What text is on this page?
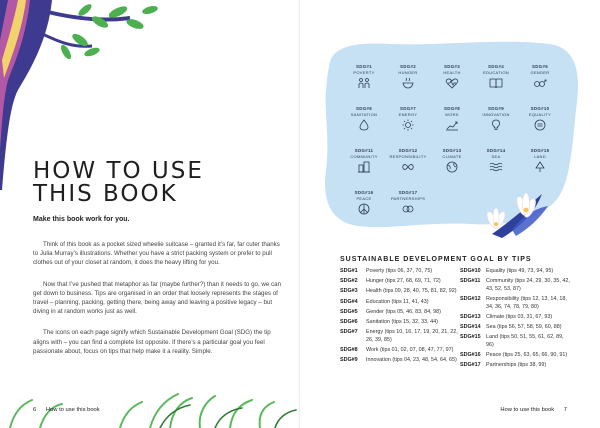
HOW TO USE
THIS BOOK
Make this book work for you.

Think of this book as a pocket sized wheelie suitcase – granted it’s far, far cuter thanks to Julia Murray’s illustrations. Whether you have a strict packing system or prefer to pull clothes out of your closet at random, it does the heavy lifting for you.

Now that I’ve pushed that metaphor as far (maybe further?) than it needs to go, we can get down to business. Tips are organised in an order that loosely represents the stages of travel – planning, packing, getting there, being away and leaving a positive legacy – but diving in at random works just as well.

The icons on each page signify which Sustainable Development Goal (SDG) the tip aligns with – you can find a complete list opposite. If there’s a particular goal you feel passionate about, focus on tips that help make it a reality. Simple.

6 How to use this book
SDG#1
POVERTY
SDG#2
HUNGER
SDG#3
HEALTH
SDG#4
EDUCATION
SDG#5
GENDER
SDG#6
SANITATION
SDG#7
ENERGY
SDG#8
WORK
SDG#9
INNOVATION
SDG#10
EQUALITY
SDG#11
COMMUNITY
SDG#12
RESPONSIBILITY
SDG#13
CLIMATE
SDG#14
SEA
SDG#15
LAND
SDG#16
PEACE
SDG#17
PARTNERSHIPS
SUSTAINABLE DEVELOPMENT GOAL BY TIPS
SDG#1	Poverty (tips 06, 37, 70, 75)
SDG#2	Hunger (tips 27, 68, 69, 71, 72)
SDG#3	Health (tips 09, 28, 40, 75, 81, 82, 92)
SDG#4	Education (tips 11, 41, 43)
SDG#5	Gender (tips 05, 46, 83, 84, 98)
SDG#6	Sanitation (tips 15, 32, 33, 44)
SDG#7	Energy (tips 10, 16, 17, 19, 20, 21, 22, 26, 39, 85)
SDG#8	Work (tips 01, 02, 07, 08, 47, 77, 97)
SDG#9	Innovation (tips 04, 23, 48, 54, 64, 65)
SDG#10 Equality (tips 49, 73, 94, 95)
SDG#11	Community (tips 24, 29, 30, 35, 42, 43, 52, 53, 87)
SDG#12 Responsibility (tips 12, 13, 14, 18, 34, 36, 74, 78, 79, 80)
SDG#13 Climate (tips 03, 31, 67, 93)
SDG#14 Sea (tips 56, 57, 58, 59, 60, 88)
SDG#15 Land (tips 50, 51, 55, 61, 62, 89, 96)
SDG#16 Peace (tips 25, 63, 65, 66, 90, 91)
SDG#17 Partnerships (tips 38, 99)
How to use this book 7
